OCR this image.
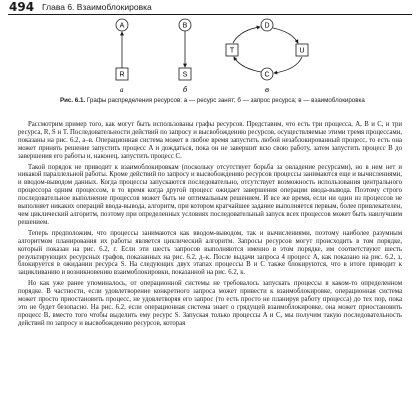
494 Глава 6. Взаимоблокировка
A
R
а
B
S
б
D
T	U
C
в
Рис. 6.1. Графы распределения ресурсов: а — ресурс занят; б — запрос ресурса; в — взаимоблокировка

Рассмотрим пример того, как могут быть использованы графы ресурсов. Представим, что есть три процесса, A, B и C, и три ресурса, R, S и T. Последовательности действий по запросу и высвобождению ресурсов, осуществляемые этими тремя процессами, показаны на рис. 6.2, а–в. Операционная система может в любое время запустить любой незаблокированный процесс, то есть она может принять решение запустить процесс A и дождаться, пока он не завершит всю свою работу, затем запустить процесс B до завершения его работы и, наконец, запустить процесс C.

Такой порядок не приводит к взаимоблокировкам (поскольку отсутствует борьба за овладение ресурсами), но в нем нет и никакой параллельной работы. Кроме действий по запросу и высвобождению ресурсов процессы занимаются еще и вычислениями, и вводом-выводом данных. Когда процессы запускаются последовательно, отсутствует возможность использования центрального процессора одним процессом, в то время когда другой процесс ожидает завершения операции ввода-вывода. Поэтому строго последовательное выполнение процессов может быть не оптимальным решением. И все же время, если ни один из процессов не выполняет никаких операций ввода-вывода, алгоритм, при котором кратчайшее задание выполняется первым, более привлекателен, чем циклический алгоритм, поэтому при определенных условиях последовательный запуск всех процессов может быть наилучшим решением.

Теперь предположим, что процессы занимаются как вводом-выводом, так и вычислениями, поэтому наиболее разумным алгоритмом планирования их работы является циклический алгоритм. Запросы ресурсов могут происходить в том порядке, который показан на рис. 6.2, г. Если эти шесть запросов выполняются именно в этом порядке, им соответствуют шесть результирующих ресурсных графов, показанных на рис. 6.2, д–к. После выдачи запроса 4 процесс A, как показано на рис. 6.2, з, блокируется в ожидании ресурса S. На следующих двух этапах процессы B и C также блокируются, что в итоге приводит к зацикливанию и возникновению взаимоблокировки, показанной на рис. 6.2, к.

Но как уже ранее упоминалось, от операционной системы не требовалось запускать процессы в каком-то определенном порядке. В частности, если удовлетворение конкретного запроса может привести к взаимоблокировке, операционная система может просто приостановить процесс, не удовлетворяя его запрос (то есть просто не планируя работу процесса) до тех пор, пока это не будет безопасно. На рис. 6.2, если операционная система знает о грядущей взаимоблокировке, она может приостановить процесс B, вместо того чтобы выделить ему ресурс S. Запуская только процессы A и C, мы получим такую последовательность действий по запросу и высвобождению ресурсов, которая
